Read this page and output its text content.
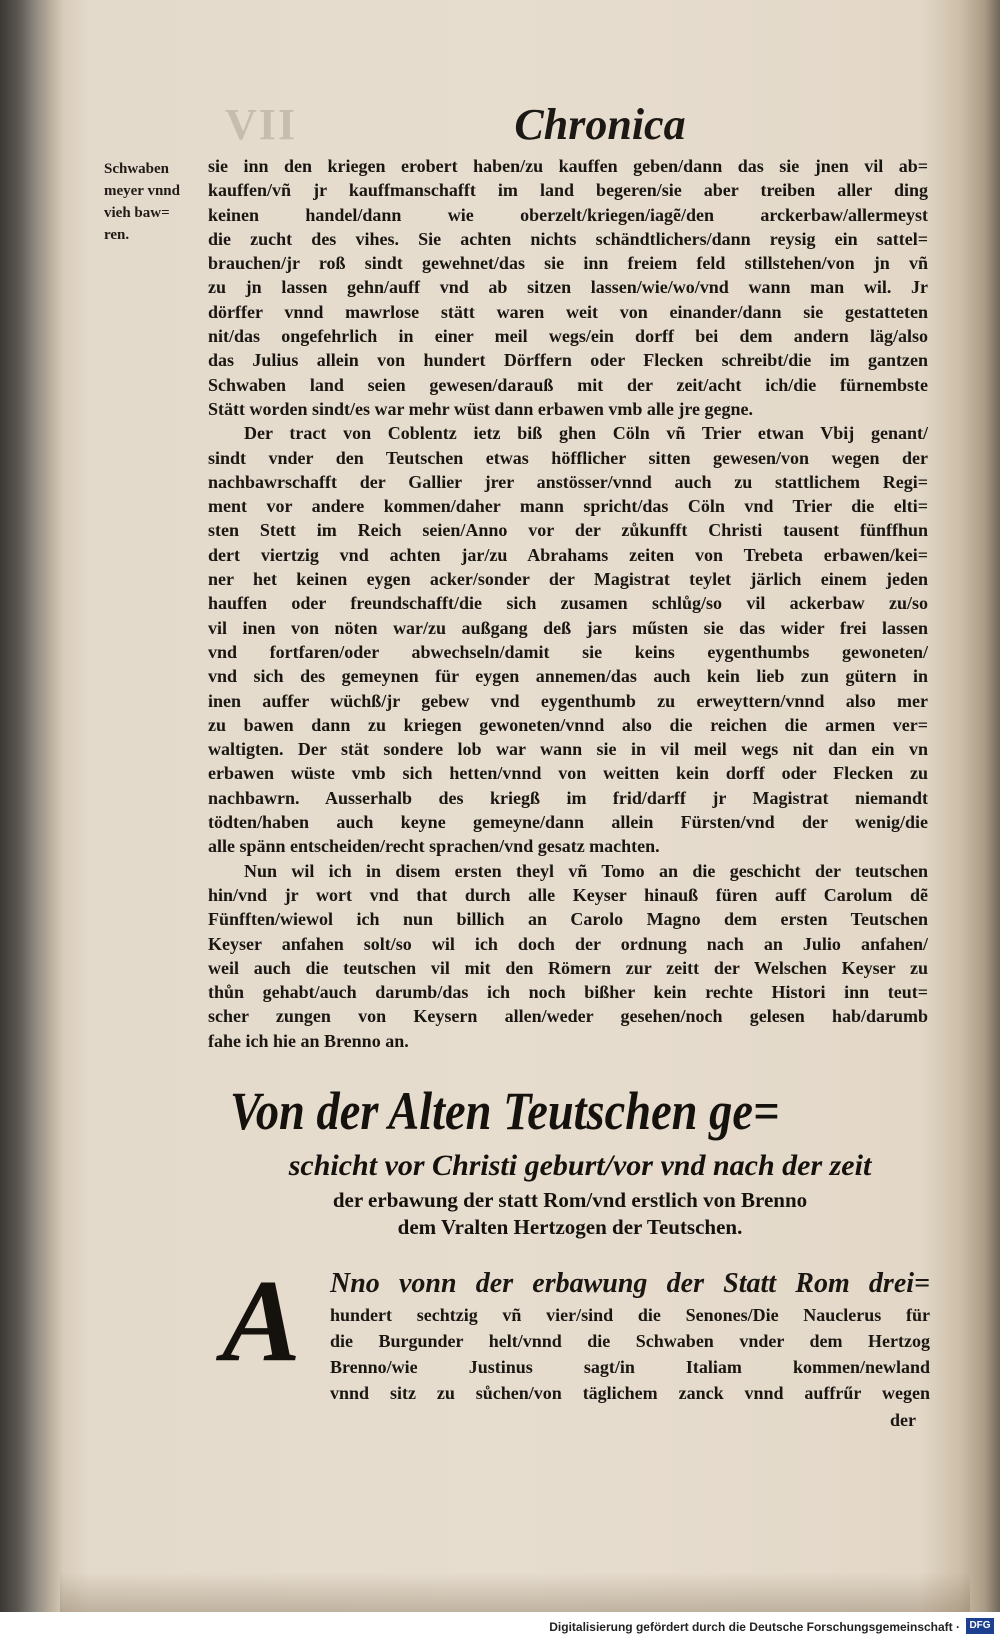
VII	Chronica
Schwaben
meyer vnnd
vieh baw=
ren.
sie inn den kriegen erobert haben/zu kauffen geben/dann das sie jnen vil ab=
kauffen/vñ jr kauffmanschafft im land begeren/sie aber treiben aller ding
keinen handel/dann wie oberzelt/kriegen/iagẽ/den arckerbaw/allermeyst
die zucht des vihes. Sie achten nichts schändtlichers/dann reysig ein sattel=
brauchen/jr roß sindt gewehnet/das sie inn freiem feld stillstehen/von jn vñ
zu jn lassen gehn/auff vnd ab sitzen lassen/wie/wo/vnd wann man wil. Jr
dörffer vnnd mawrlose stätt waren weit von einander/dann sie gestatteten
nit/das ongefehrlich in einer meil wegs/ein dorff bei dem andern läg/also
das Julius allein von hundert Dörffern oder Flecken schreibt/die im gantzen
Schwaben land seien gewesen/darauß mit der zeit/acht ich/die fürnembste
Stätt worden sindt/es war mehr wüst dann erbawen vmb alle jre gegne.
Der tract von Coblentz ietz biß ghen Cöln vñ Trier etwan Vbij genant/
sindt vnder den Teutschen etwas höfflicher sitten gewesen/von wegen der
nachbawrschafft der Gallier jrer anstösser/vnnd auch zu stattlichem Regi=
ment vor andere kommen/daher mann spricht/das Cöln vnd Trier die elti=
sten Stett im Reich seien/Anno vor der zůkunfft Christi tausent fünffhun
dert viertzig vnd achten jar/zu Abrahams zeiten von Trebeta erbawen/kei=
ner het keinen eygen acker/sonder der Magistrat teylet järlich einem jeden
hauffen oder freundschafft/die sich zusamen schlůg/so vil ackerbaw zu/so
vil inen von nöten war/zu außgang deß jars műsten sie das wider frei lassen
vnd fortfaren/oder abwechseln/damit sie keins eygenthumbs gewoneten/
vnd sich des gemeynen für eygen annemen/das auch kein lieb zun gütern in
inen auffer wüchß/jr gebew vnd eygenthumb zu erweyttern/vnnd also mer
zu bawen dann zu kriegen gewoneten/vnnd also die reichen die armen ver=
waltigten. Der stät sondere lob war wann sie in vil meil wegs nit dan ein vn
erbawen wüste vmb sich hetten/vnnd von weitten kein dorff oder Flecken zu
nachbawrn. Ausserhalb des kriegß im frid/darff jr Magistrat niemandt
tödten/haben auch keyne gemeyne/dann allein Fürsten/vnd der wenig/die
alle spänn entscheiden/recht sprachen/vnd gesatz machten.
Nun wil ich in disem ersten theyl vñ Tomo an die geschicht der teutschen
hin/vnd jr wort vnd that durch alle Keyser hinauß füren auff Carolum dẽ
Fünfften/wiewol ich nun billich an Carolo Magno dem ersten Teutschen
Keyser anfahen solt/so wil ich doch der ordnung nach an Julio anfahen/
weil auch die teutschen vil mit den Römern zur zeitt der Welschen Keyser zu
thůn gehabt/auch darumb/das ich noch bißher kein rechte Histori inn teut=
scher zungen von Keysern allen/weder gesehen/noch gelesen hab/darumb
fahe ich hie an Brenno an.
Von der Alten Teutschen ge=
schicht vor Christi geburt/vor vnd nach der zeit
der erbawung der statt Rom/vnd erstlich von Brenno
dem Vralten Hertzogen der Teutschen.
A Nno vonn der erbawung der Statt Rom drei=
hundert sechtzig vñ vier/sind die Senones/Die Nauclerus für
die Burgunder helt/vnnd die Schwaben vnder dem Hertzog
Brenno/wie Justinus sagt/in Italiam kommen/newland
vnnd sitz zu sůchen/von täglichem zanck vnnd auffrűr wegen
der
Digitalisierung gefördert durch die Deutsche Forschungsgemeinschaft · DFG
